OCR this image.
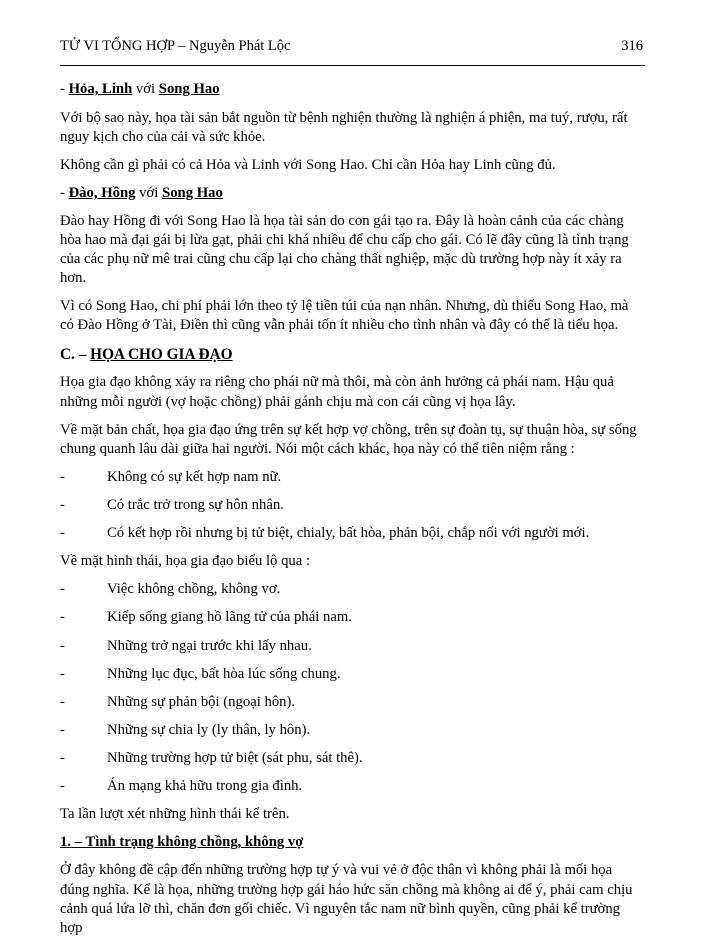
TỬ VI TỔNG HỢP – Nguyễn Phát Lộc	316

- Hỏa, Linh với Song Hao

Với bộ sao này, họa tài sản bắt nguồn từ bệnh nghiện thường là nghiện á phiện, ma tuý, rượu, rất nguy kịch cho của cải và sức khỏe.

Không cần gì phải có cả Hỏa và Linh với Song Hao. Chỉ cần Hỏa hay Linh cũng đủ.

- Đào, Hồng với Song Hao

Đào hay Hồng đi với Song Hao là họa tài sản do con gái tạo ra. Đây là hoàn cảnh của các chàng hòa hao mà đại gái bị lừa gạt, phải chi khá nhiều để chu cấp cho gái. Có lẽ đây cũng là tình trạng của các phụ nữ mê trai cũng chu cấp lại cho chàng thất nghiệp, mặc dù trường hợp này ít xảy ra hơn.

Vì có Song Hao, chi phí phải lớn theo tỷ lệ tiền túi của nạn nhân. Nhưng, dù thiếu Song Hao, mà có Đào Hồng ở Tài, Điền thì cũng vẫn phải tốn ít nhiều cho tình nhân và đây có thể là tiểu họa.

C. – HỌA CHO GIA ĐẠO

Họa gia đạo không xảy ra riêng cho phái nữ mà thôi, mà còn ảnh hưởng cả phái nam. Hậu quả những mỗi người (vợ hoặc chồng) phải gánh chịu mà con cái cũng vị họa lây.

Về mặt bản chất, họa gia đạo ứng trên sự kết hợp vợ chồng, trên sự đoàn tụ, sự thuận hòa, sự sống chung quanh lâu dài giữa hai người. Nói một cách khác, họa này có thể tiên niệm rằng :

-	Không có sự kết hợp nam nữ.
-	Có trắc trở trong sự hôn nhân.
-	Có kết hợp rồi nhưng bị tử biệt, chialy, bất hòa, phản bội, chắp nối với người mới.

Về mặt hình thái, họa gia đạo biểu lộ qua :

-	Việc không chồng, không vơ.
-	Kiếp sống giang hồ lãng tử của phái nam.
-	Những trở ngại trước khi lấy nhau.
-	Những lục đục, bất hòa lúc sống chung.
-	Những sự phản bội (ngoại hôn).
-	Những sự chia ly (ly thân, ly hôn).
-	Những trường hợp tử biệt (sát phu, sát thê).
-	Án mạng khả hữu trong gia đình.

Ta lần lượt xét những hình thái kể trên.

1. – Tình trạng không chồng, không vợ

Ở đây không đề cập đến những trường hợp tự ý và vui vẻ ở độc thân vì không phải là mối họa đúng nghĩa. Kể là họa, những trường hợp gái háo hức săn chồng mà không ai để ý, phải cam chịu cảnh quá lứa lỡ thì, chăn đơn gối chiếc. Vì nguyên tắc nam nữ bình quyền, cũng phải kể trường hợp
